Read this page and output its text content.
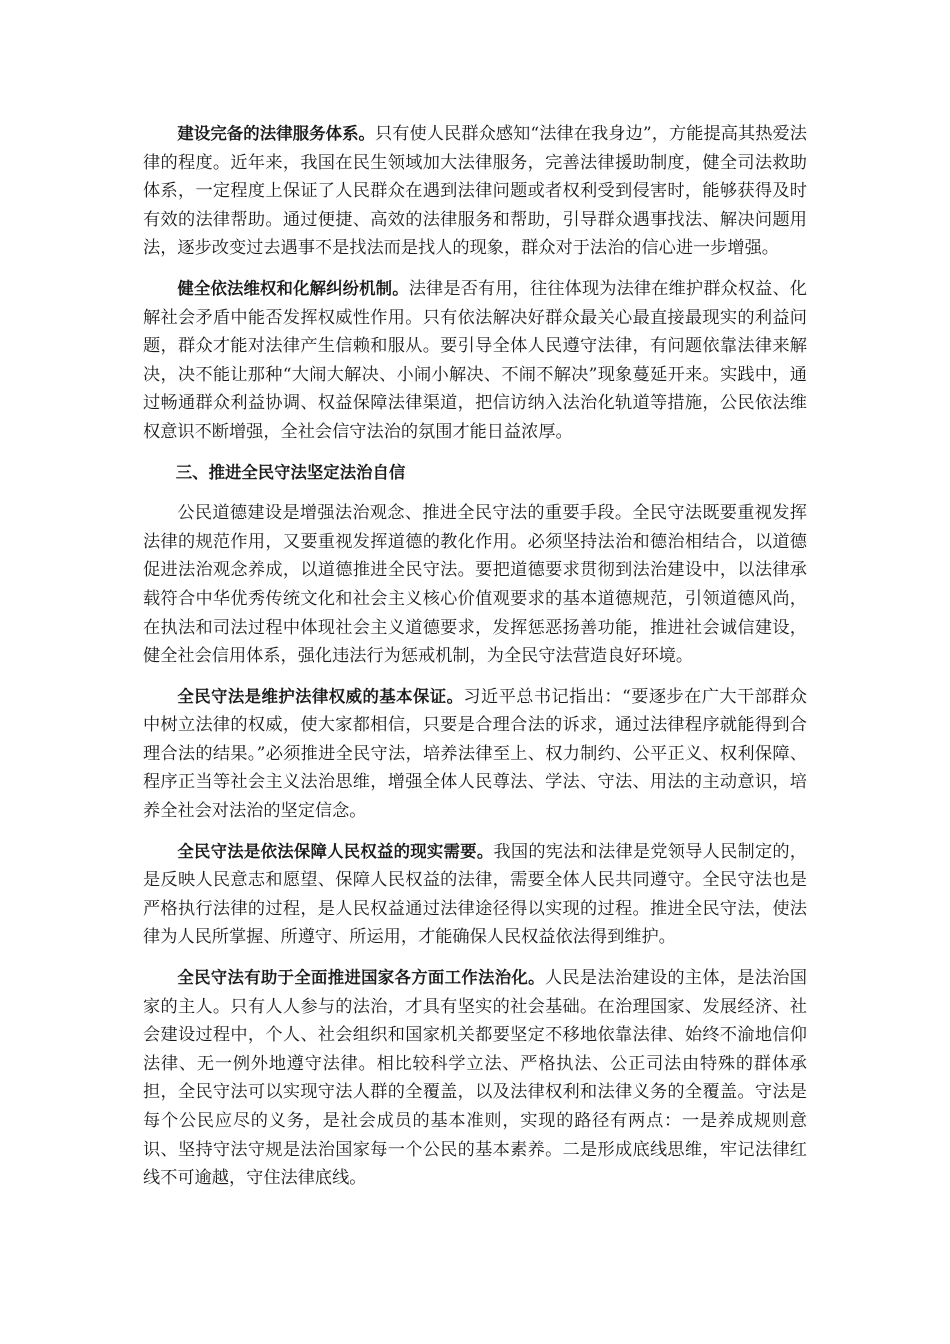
建设完备的法律服务体系。只有使人民群众感知“法律在我身边”，方能提高其热爱法律的程度。近年来，我国在民生领域加大法律服务，完善法律援助制度，健全司法救助体系，一定程度上保证了人民群众在遇到法律问题或者权利受到侵害时，能够获得及时有效的法律帮助。通过便捷、高效的法律服务和帮助，引导群众遇事找法、解决问题用法，逐步改变过去遇事不是找法而是找人的现象，群众对于法治的信心进一步增强。

健全依法维权和化解纠纷机制。法律是否有用，往往体现为法律在维护群众权益、化解社会矛盾中能否发挥权威性作用。只有依法解决好群众最关心最直接最现实的利益问题，群众才能对法律产生信赖和服从。要引导全体人民遵守法律，有问题依靠法律来解决，决不能让那种“大闹大解决、小闹小解决、不闹不解决”现象蔓延开来。实践中，通过畅通群众利益协调、权益保障法律渠道，把信访纳入法治化轨道等措施，公民依法维权意识不断增强，全社会信守法治的氛围才能日益浓厚。

三、推进全民守法坚定法治自信

公民道德建设是增强法治观念、推进全民守法的重要手段。全民守法既要重视发挥法律的规范作用，又要重视发挥道德的教化作用。必须坚持法治和德治相结合，以道德促进法治观念养成，以道德推进全民守法。要把道德要求贯彻到法治建设中，以法律承载符合中华优秀传统文化和社会主义核心价值观要求的基本道德规范，引领道德风尚，在执法和司法过程中体现社会主义道德要求，发挥惩恶扬善功能，推进社会诚信建设，健全社会信用体系，强化违法行为惩戒机制，为全民守法营造良好环境。

全民守法是维护法律权威的基本保证。习近平总书记指出：“要逐步在广大干部群众中树立法律的权威，使大家都相信，只要是合理合法的诉求，通过法律程序就能得到合理合法的结果。”必须推进全民守法，培养法律至上、权力制约、公平正义、权利保障、程序正当等社会主义法治思维，增强全体人民尊法、学法、守法、用法的主动意识，培养全社会对法治的坚定信念。

全民守法是依法保障人民权益的现实需要。我国的宪法和法律是党领导人民制定的，是反映人民意志和愿望、保障人民权益的法律，需要全体人民共同遵守。全民守法也是严格执行法律的过程，是人民权益通过法律途径得以实现的过程。推进全民守法，使法律为人民所掌握、所遵守、所运用，才能确保人民权益依法得到维护。

全民守法有助于全面推进国家各方面工作法治化。人民是法治建设的主体，是法治国家的主人。只有人人参与的法治，才具有坚实的社会基础。在治理国家、发展经济、社会建设过程中，个人、社会组织和国家机关都要坚定不移地依靠法律、始终不渝地信仰法律、无一例外地遵守法律。相比较科学立法、严格执法、公正司法由特殊的群体承担，全民守法可以实现守法人群的全覆盖，以及法律权利和法律义务的全覆盖。守法是每个公民应尽的义务，是社会成员的基本准则，实现的路径有两点：一是养成规则意识、坚持守法守规是法治国家每一个公民的基本素养。二是形成底线思维，牢记法律红线不可逾越，守住法律底线。
